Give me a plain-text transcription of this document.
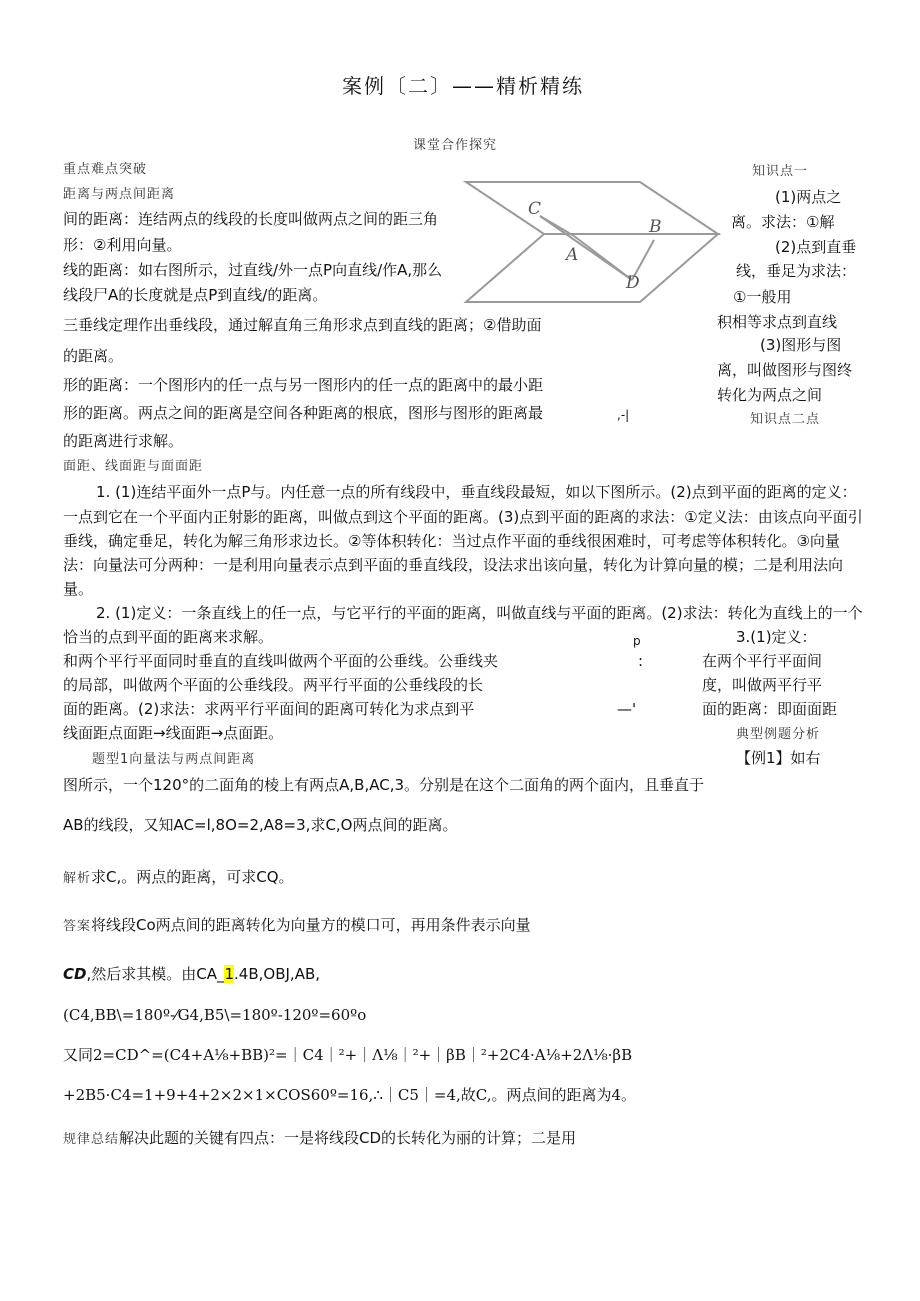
案例〔二〕——精析精练
课堂合作探究
重点难点突破
距离与两点间距离
间的距离：连结两点的线段的长度叫做两点之间的距三角
形：②利用向量。
线的距离：如右图所示，过直线/外一点P向直线/作A,那么
线段尸A的长度就是点P到直线/的距离。
三垂线定理作出垂线段，通过解直角三角形求点到直线的距离；②借助面
的距离。
形的距离：一个图形内的任一点与另一图形内的任一点的距离中的最小距
形的距离。两点之间的距离是空间各种距离的根底，图形与图形的距离最
的距离进行求解。
面距、线面距与面面距
C
B
A
D
,-|
知识点一
(1)两点之
离。求法：①解
(2)点到直垂
线，垂足为求法：
①一般用
积相等求点到直线
(3)图形与图
离，叫做图形与图终
转化为两点之间
知识点二点
1. (1)连结平面外一点P与。内任意一点的所有线段中，垂直线段最短，如以下图所示。(2)点到平面的距离的定义：
一点到它在一个平面内正射影的距离，叫做点到这个平面的距离。(3)点到平面的距离的求法：①定义法：由该点向平面引
垂线，确定垂足，转化为解三角形求边长。②等体积转化：当过点作平面的垂线很困难时，可考虑等体积转化。③向量
法：向量法可分两种：一是利用向量表示点到平面的垂直线段，设法求出该向量，转化为计算向量的模；二是利用法向
量。
2. (1)定义：一条直线上的任一点，与它平行的平面的距离，叫做直线与平面的距离。(2)求法：转化为直线上的一个
恰当的点到平面的距离来求解。	p	3.(1)定义：
和两个平行平面同时垂直的直线叫做两个平面的公垂线。公垂线夹	:	在两个平行平面间
的局部，叫做两个平面的公垂线段。两平行平面的公垂线段的长	度，叫做两平行平
面的距离。(2)求法：求两平行平面间的距离可转化为求点到平	—'	面的距离：即面面距
线面距点面距→线面距→点面距。	典型例题分析
题型1向量法与两点间距离	【例1】如右
图所示，一个120°的二面角的棱上有两点A,B,AC,3。分别是在这个二面角的两个面内，且垂直于
AB的线段，又知AC=l,8O=2,A8=3,求C,O两点间的距离。
解析求C,。两点的距离，可求CQ。
答案将线段Co两点间的距离转化为向量方的模口可，再用条件表示向量
CD,然后求其模。由CA_1.4B,OBJ,AB,
(C4,BB\=180º-⁄G4,B5\=180º-120º=60ºo
又同2=CD^=(C4+A⅛+BB)²=｜C4｜²+｜Λ⅛｜²+｜βB｜²+2C4·A⅛+2Λ⅛·βB
+2B5·C4=1+9+4+2×2×1×COS60º=16,∴｜C5｜=4,故C,。两点间的距离为4。
规律总结解决此题的关键有四点：一是将线段CD的长转化为丽的计算；二是用
